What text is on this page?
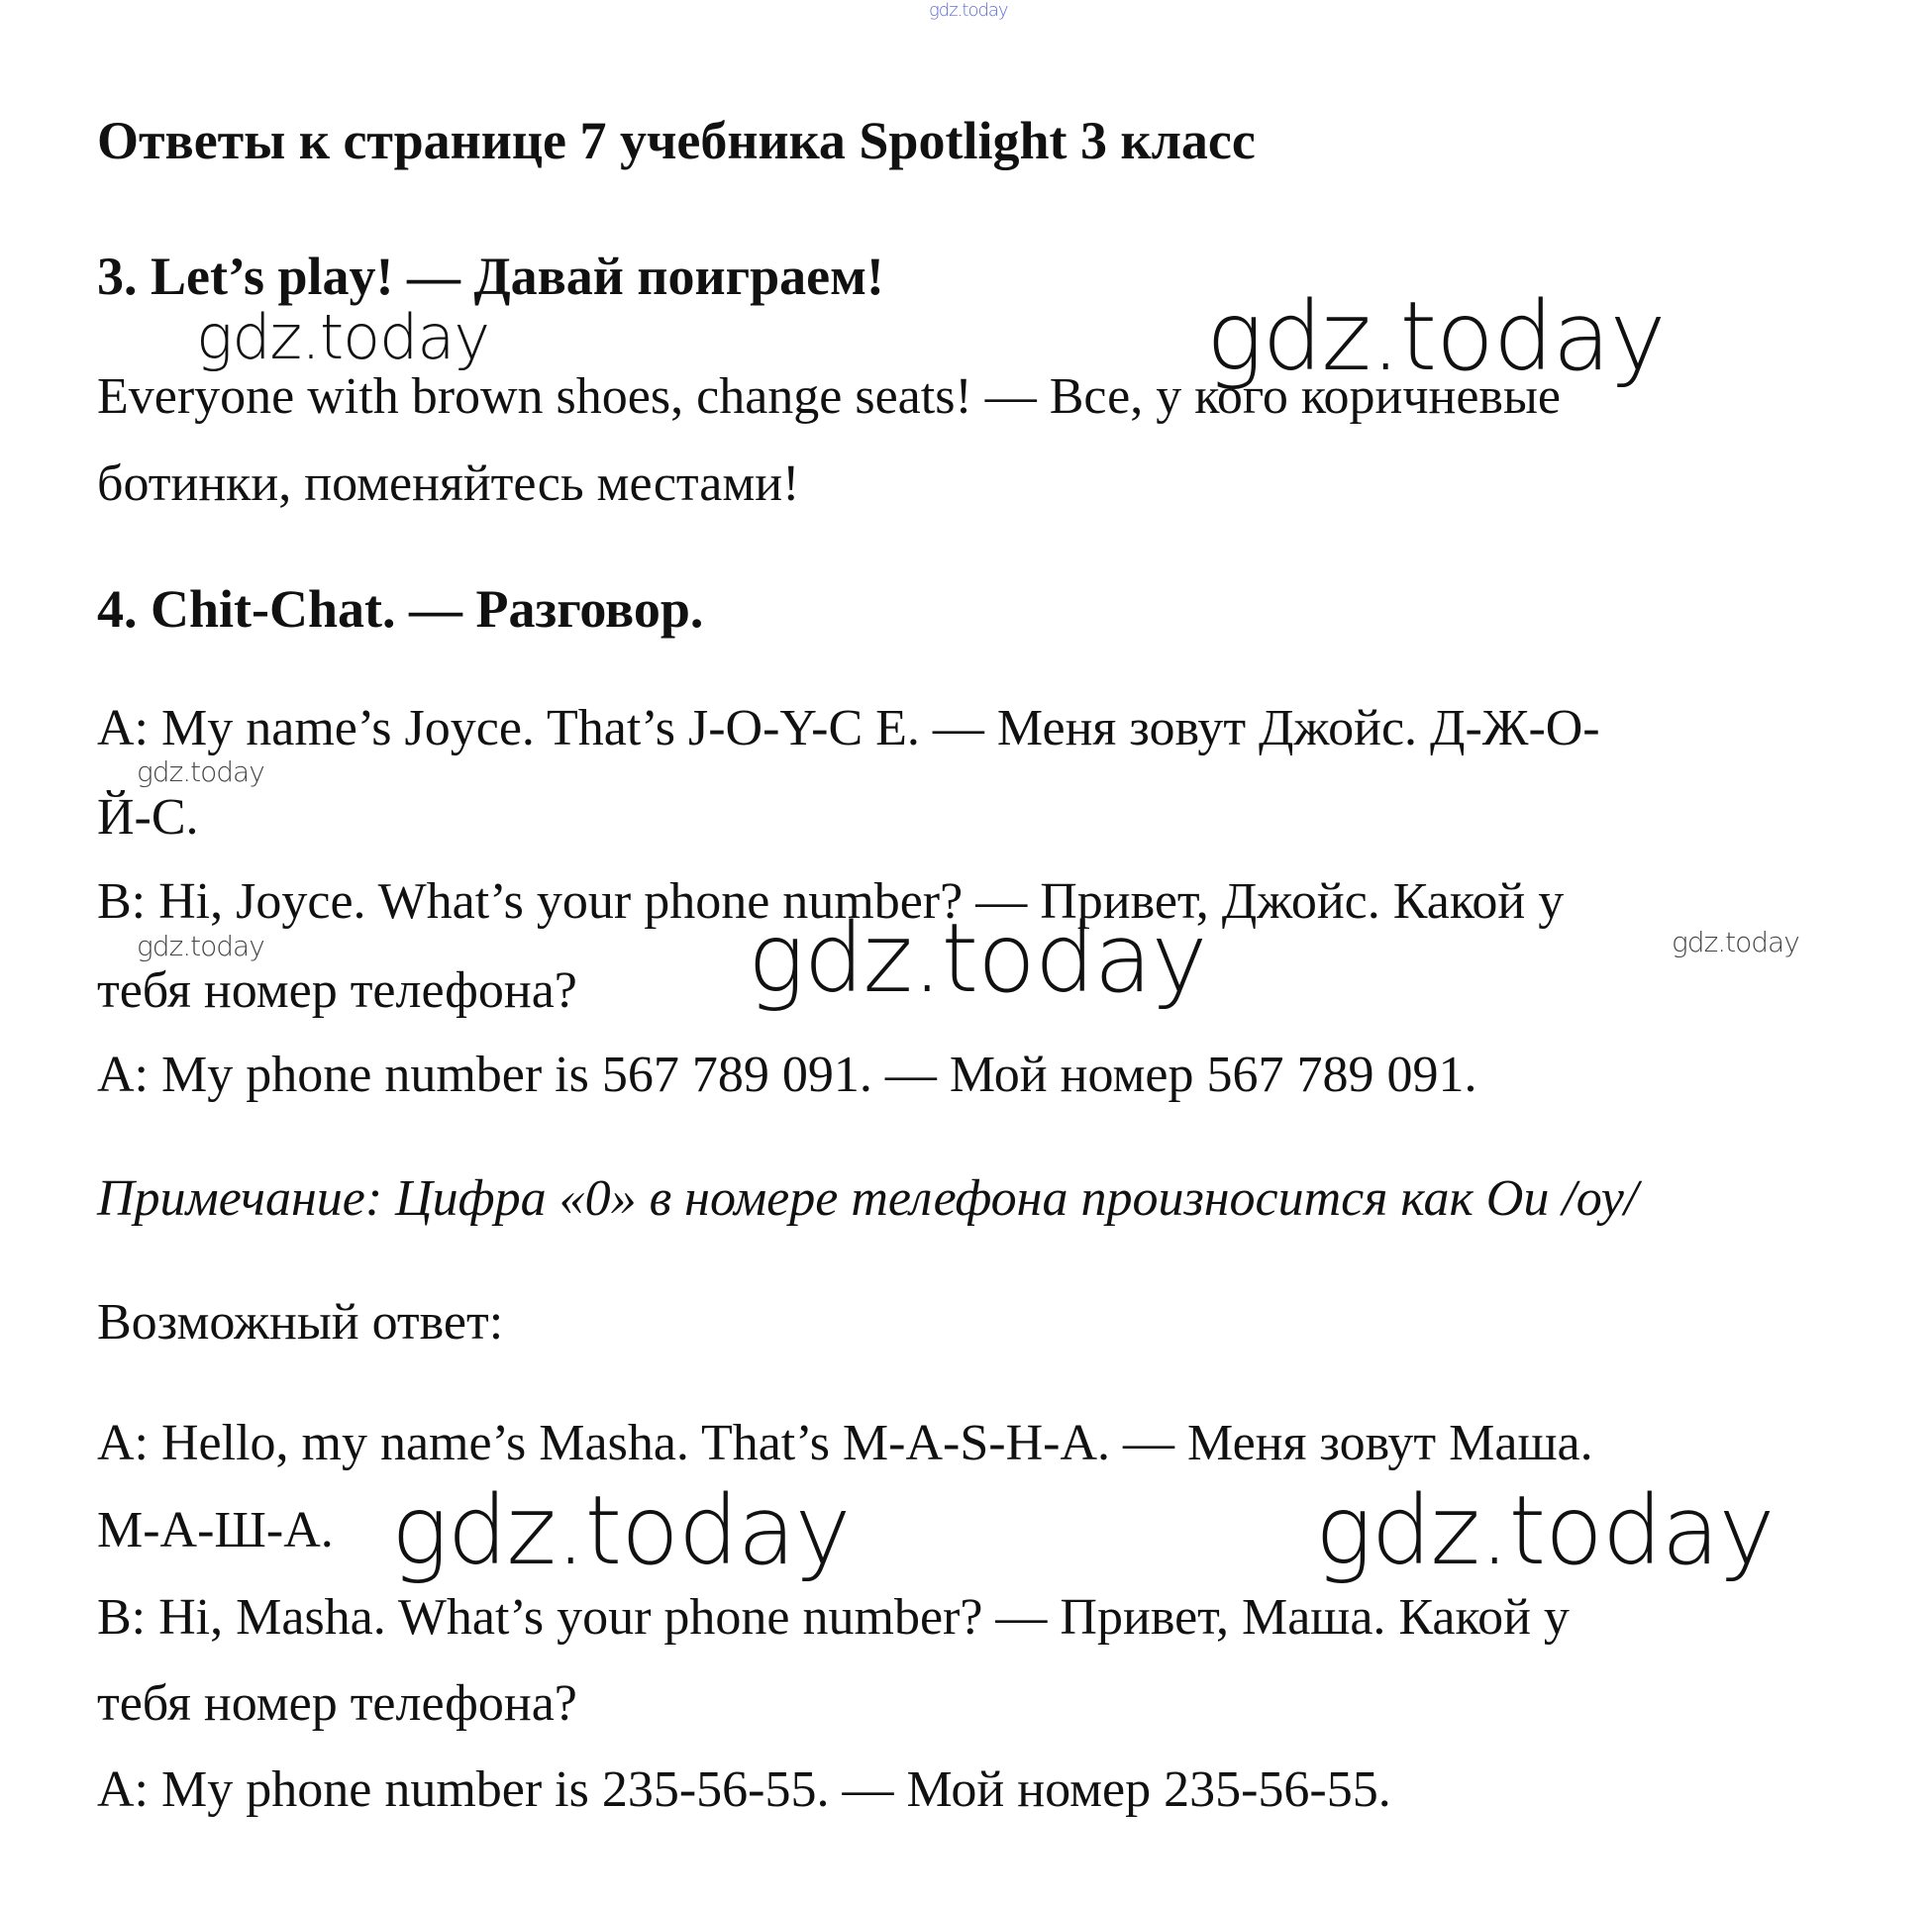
Ответы к странице 7 учебника Spotlight 3 класс
3. Let’s play! — Давай поиграем!
Everyone with brown shoes, change seats! — Все, у кого коричневые
ботинки, поменяйтесь местами!
4. Chit-Chat. — Разговор.
A: My name’s Joyce. That’s J-O-Y-C E. — Меня зовут Джойс. Д-Ж-О-
Й-С.
B: Hi, Joyce. What’s your phone number? — Привет, Джойс. Какой у
тебя номер телефона?
A: My phone number is 567 789 091. — Мой номер 567 789 091.
Примечание: Цифра «0» в номере телефона произносится как Ou /оу/
Возможный ответ:
A: Hello, my name’s Masha. That’s M-A-S-H-A. — Меня зовут Маша.
М-А-Ш-А.
B: Hi, Masha. What’s your phone number? — Привет, Маша. Какой у
тебя номер телефона?
A: My phone number is 235-56-55. — Мой номер 235-56-55.
gdz.today
gdz.today	gdz.today
gdz.today
gdz.today	gdz.today
gdz.today
gdz.today	gdz.today
